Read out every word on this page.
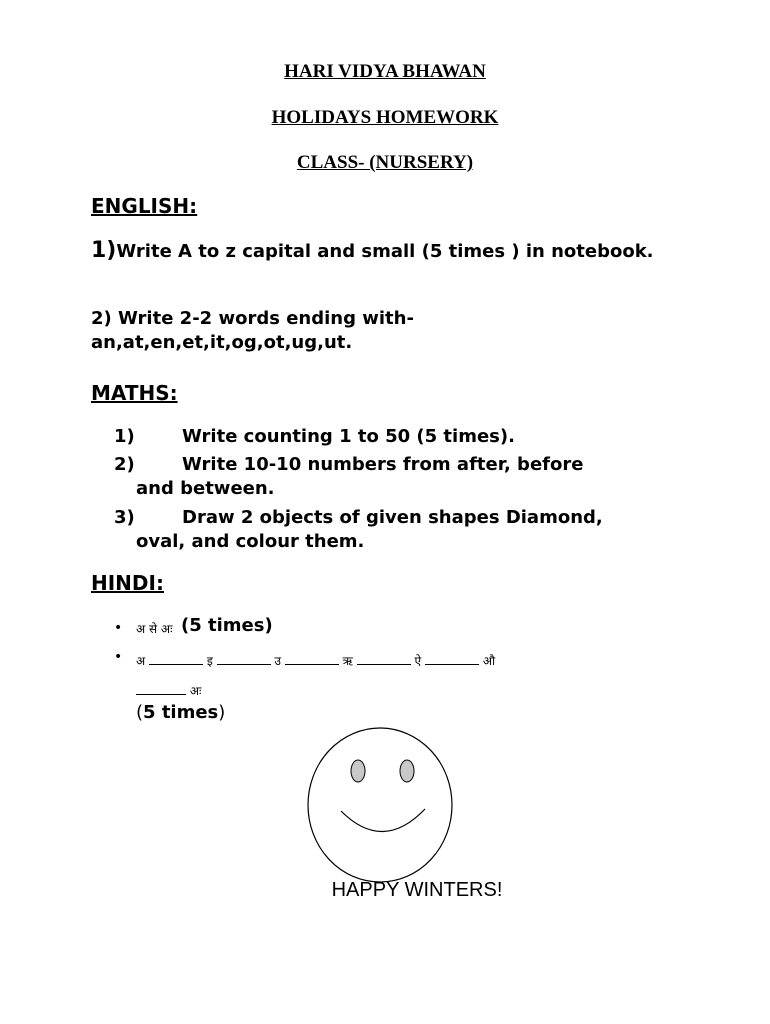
HARI VIDYA BHAWAN
HOLIDAYS HOMEWORK
CLASS- (NURSERY)
ENGLISH:
1)Write A to z capital and small (5 times ) in notebook.
2) Write 2-2 words ending with- an,at,en,et,it,og,ot,ug,ut.
MATHS:
1)	Write counting 1 to 50 (5 times).
2)	Write 10-10 numbers from after, before
and between.
3)	Draw 2 objects of given shapes Diamond,
oval, and colour them.
HINDI:
• अ से अः (5 times)
• अ	इ	उ	ऋ	ऐ	औ
अः
(5 times)
HAPPY WINTERS!
